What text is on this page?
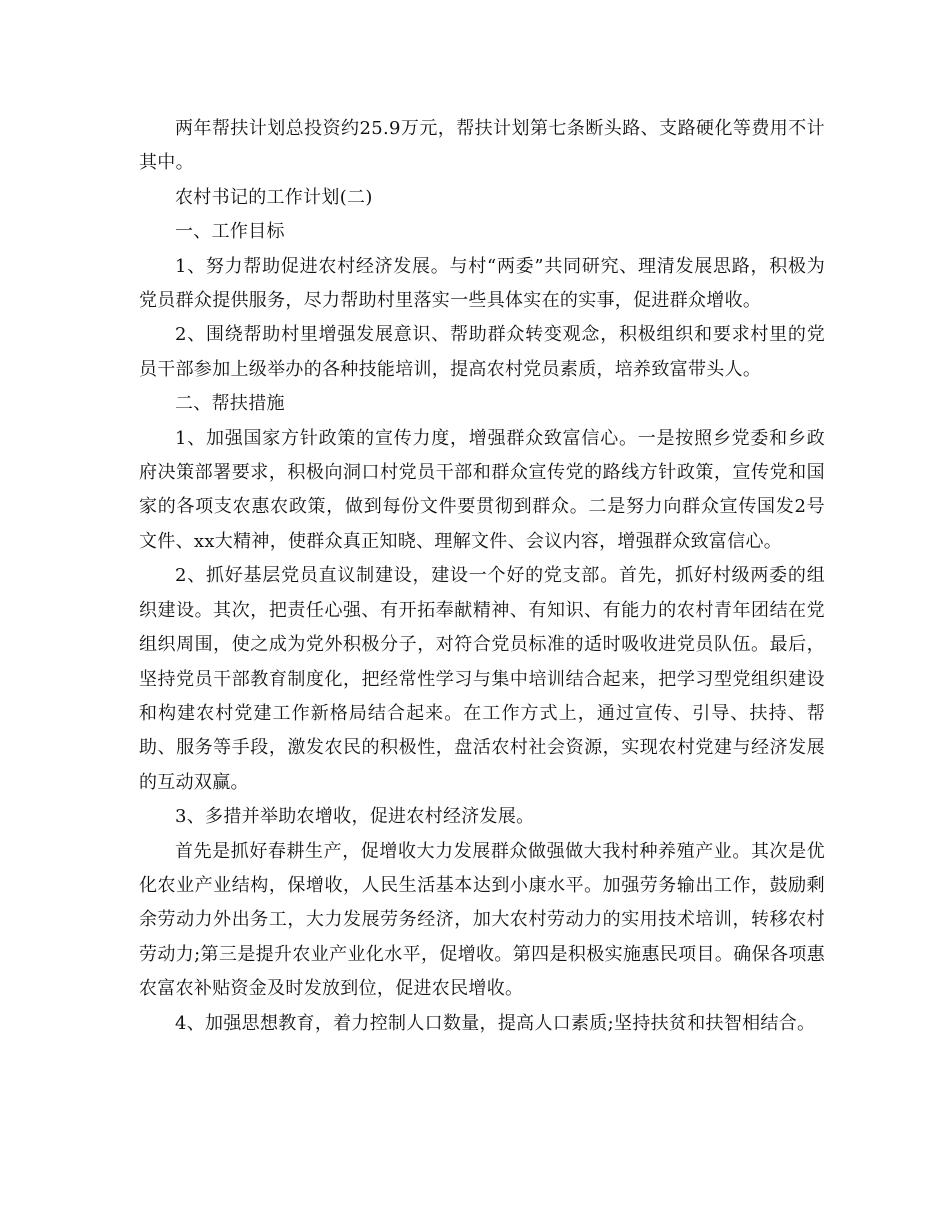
两年帮扶计划总投资约25.9万元，帮扶计划第七条断头路、支路硬化等费用不计其中。

农村书记的工作计划(二)

一、工作目标

1、努力帮助促进农村经济发展。与村“两委”共同研究、理清发展思路，积极为党员群众提供服务，尽力帮助村里落实一些具体实在的实事，促进群众增收。

2、围绕帮助村里增强发展意识、帮助群众转变观念，积极组织和要求村里的党员干部参加上级举办的各种技能培训，提高农村党员素质，培养致富带头人。

二、帮扶措施

1、加强国家方针政策的宣传力度，增强群众致富信心。一是按照乡党委和乡政府决策部署要求，积极向洞口村党员干部和群众宣传党的路线方针政策，宣传党和国家的各项支农惠农政策，做到每份文件要贯彻到群众。二是努力向群众宣传国发2号文件、xx大精神，使群众真正知晓、理解文件、会议内容，增强群众致富信心。

2、抓好基层党员直议制建设，建设一个好的党支部。首先，抓好村级两委的组织建设。其次，把责任心强、有开拓奉献精神、有知识、有能力的农村青年团结在党组织周围，使之成为党外积极分子，对符合党员标准的适时吸收进党员队伍。最后，坚持党员干部教育制度化，把经常性学习与集中培训结合起来，把学习型党组织建设和构建农村党建工作新格局结合起来。在工作方式上，通过宣传、引导、扶持、帮助、服务等手段，激发农民的积极性，盘活农村社会资源，实现农村党建与经济发展的互动双赢。

3、多措并举助农增收，促进农村经济发展。

首先是抓好春耕生产，促增收大力发展群众做强做大我村种养殖产业。其次是优化农业产业结构，保增收，人民生活基本达到小康水平。加强劳务输出工作，鼓励剩余劳动力外出务工，大力发展劳务经济，加大农村劳动力的实用技术培训，转移农村劳动力;第三是提升农业产业化水平，促增收。第四是积极实施惠民项目。确保各项惠农富农补贴资金及时发放到位，促进农民增收。

4、加强思想教育，着力控制人口数量，提高人口素质;坚持扶贫和扶智相结合。
